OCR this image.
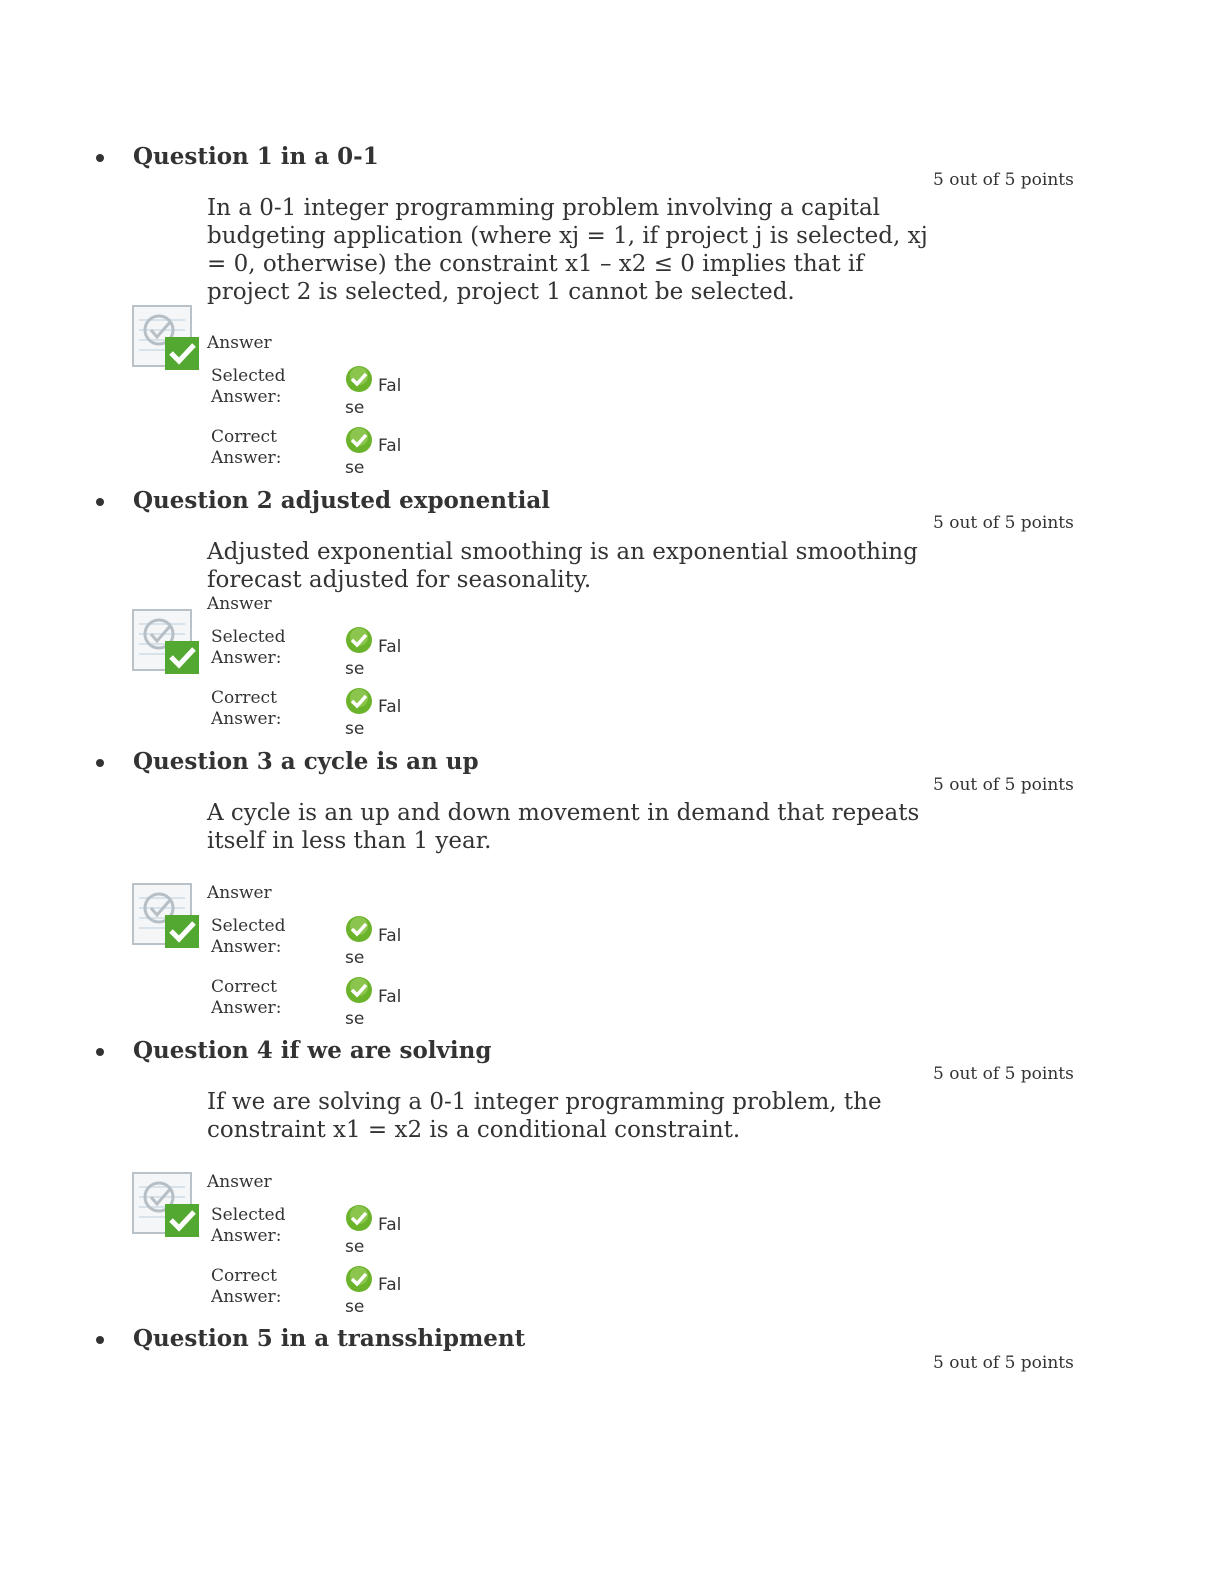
Question 1 in a 0-1
5 out of 5 points
In a 0-1 integer programming problem involving a capital budgeting application (where xj = 1, if project j is selected, xj = 0, otherwise) the constraint x1 – x2 ≤ 0 implies that if project 2 is selected, project 1 cannot be selected.
Answer
Selected
Answer:
Fal
se
Correct
Answer:
Fal
se
Question 2 adjusted exponential
5 out of 5 points
Adjusted exponential smoothing is an exponential smoothing forecast adjusted for seasonality.
Answer
Selected
Answer:
Fal
se
Correct
Answer:
Fal
se
Question 3 a cycle is an up
5 out of 5 points
A cycle is an up and down movement in demand that repeats itself in less than 1 year.
Answer
Selected
Answer:
Fal
se
Correct
Answer:
Fal
se
Question 4 if we are solving
5 out of 5 points
If we are solving a 0-1 integer programming problem, the constraint x1 = x2 is a conditional constraint.
Answer
Selected
Answer:
Fal
se
Correct
Answer:
Fal
se
Question 5 in a transshipment
5 out of 5 points
